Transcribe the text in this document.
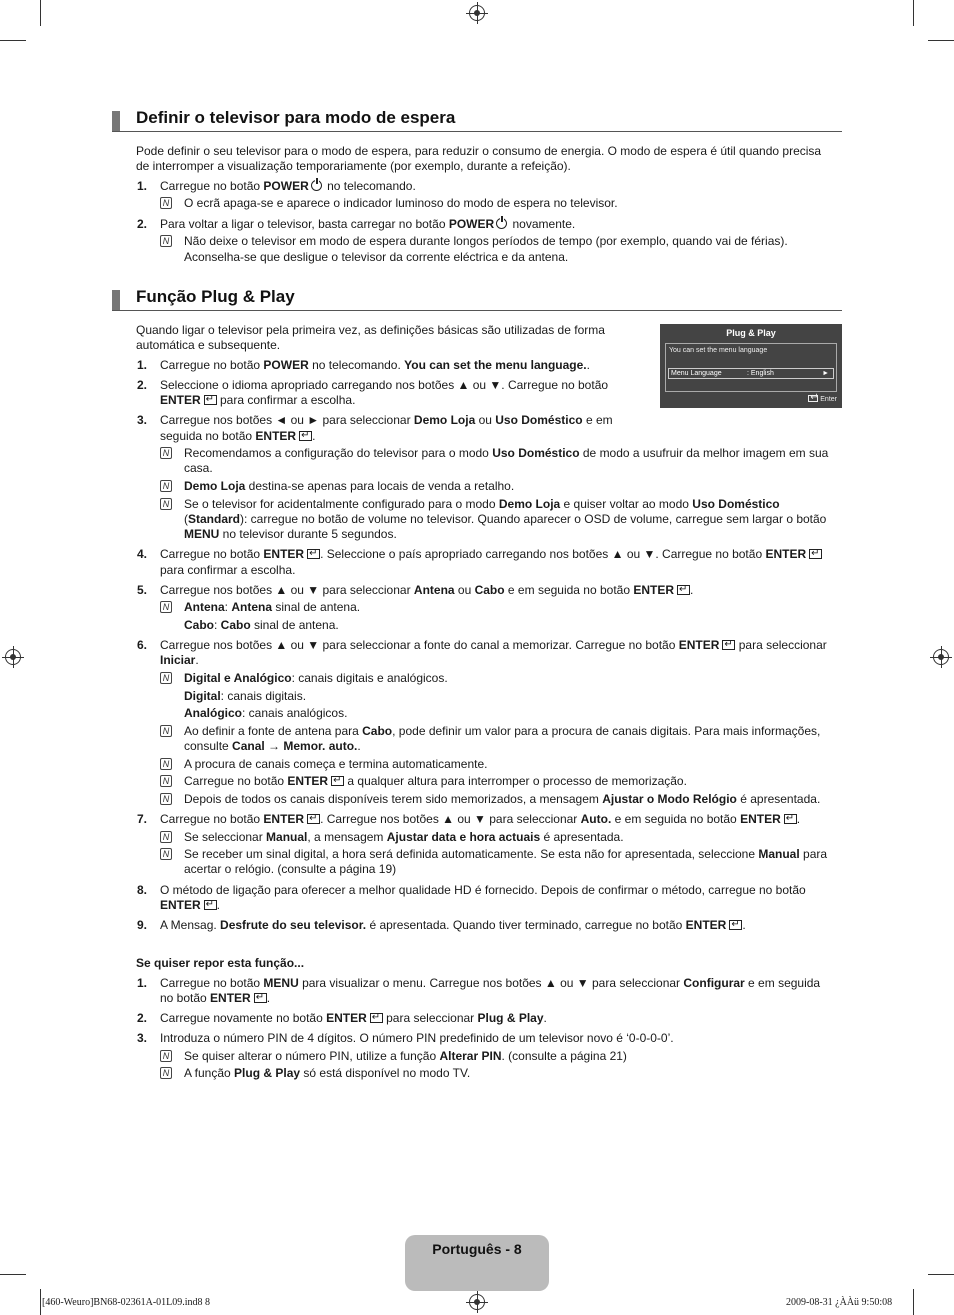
Definir o televisor para modo de espera
Pode definir o seu televisor para o modo de espera, para reduzir o consumo de energia. O modo de espera é útil quando precisa
de interromper a visualização temporariamente (por exemplo, durante a refeição).
1. Carregue no botão POWER no telecomando.
N O ecrã apaga-se e aparece o indicador luminoso do modo de espera no televisor.
2. Para voltar a ligar o televisor, basta carregar no botão POWER novamente.
N Não deixe o televisor em modo de espera durante longos períodos de tempo (por exemplo, quando vai de férias).
Aconselha-se que desligue o televisor da corrente eléctrica e da antena.
Função Plug & Play
Quando ligar o televisor pela primeira vez, as definições básicas são utilizadas de forma
automática e subsequente.
Plug & Play
You can set the menu language
Menu Language	: English	►
↵Enter
1. Carregue no botão POWER no telecomando. You can set the menu language..
2. Seleccione o idioma apropriado carregando nos botões ▲ ou ▼. Carregue no botão
ENTER↵ para confirmar a escolha.
3. Carregue nos botões ◄ ou ► para seleccionar Demo Loja ou Uso Doméstico e em
seguida no botão ENTER ↵ .
N Recomendamos a configuração do televisor para o modo Uso Doméstico de modo a usufruir da melhor imagem em sua
casa.
N Demo Loja destina-se apenas para locais de venda a retalho.
N Se o televisor for acidentalmente configurado para o modo Demo Loja e quiser voltar ao modo Uso Doméstico
(Standard): carregue no botão de volume no televisor. Quando aparecer o OSD de volume, carregue sem largar o botão
MENU no televisor durante 5 segundos.
4. Carregue no botão ENTER ↵ . Seleccione o país apropriado carregando nos botões ▲ ou ▼. Carregue no botão ENTER↵
para confirmar a escolha.
5. Carregue nos botões ▲ ou ▼ para seleccionar Antena ou Cabo e em seguida no botão ENTER ↵ .
N Antena: Antena sinal de antena.
Cabo: Cabo sinal de antena.
6. Carregue nos botões ▲ ou ▼ para seleccionar a fonte do canal a memorizar. Carregue no botão ENTER↵ para seleccionar
Iniciar.
N Digital e Analógico: canais digitais e analógicos.
Digital: canais digitais.
Analógico: canais analógicos.
N Ao definir a fonte de antena para Cabo, pode definir um valor para a procura de canais digitais. Para mais informações,
consulte Canal → Memor. auto..
N A procura de canais começa e termina automaticamente.
N Carregue no botão ENTER↵ a qualquer altura para interromper o processo de memorização.
N Depois de todos os canais disponíveis terem sido memorizados, a mensagem Ajustar o Modo Relógio é apresentada.
7. Carregue no botão ENTER ↵ . Carregue nos botões ▲ ou ▼ para seleccionar Auto. e em seguida no botão ENTER ↵ .
N Se seleccionar Manual, a mensagem Ajustar data e hora actuais é apresentada.
N Se receber um sinal digital, a hora será definida automaticamente. Se esta não for apresentada, seleccione Manual para
acertar o relógio. (consulte a página 19)
8. O método de ligação para oferecer a melhor qualidade HD é fornecido. Depois de confirmar o método, carregue no botão
ENTER ↵ .
9. A Mensag. Desfrute do seu televisor. é apresentada. Quando tiver terminado, carregue no botão ENTER ↵ .
Se quiser repor esta função...
1. Carregue no botão MENU para visualizar o menu. Carregue nos botões ▲ ou ▼ para seleccionar Configurar e em seguida
no botão ENTER ↵ .
2. Carregue novamente no botão ENTER↵ para seleccionar Plug & Play.
3. Introduza o número PIN de 4 dígitos. O número PIN predefinido de um televisor novo é ‘0-0-0-0’.
N Se quiser alterar o número PIN, utilize a função Alterar PIN. (consulte a página 21)
N A função Plug & Play só está disponível no modo TV.
Português - 8
[460-Weuro]BN68-02361A-01L09.ind8 8	2009-08-31 ¿ÀÀü 9:50:08
